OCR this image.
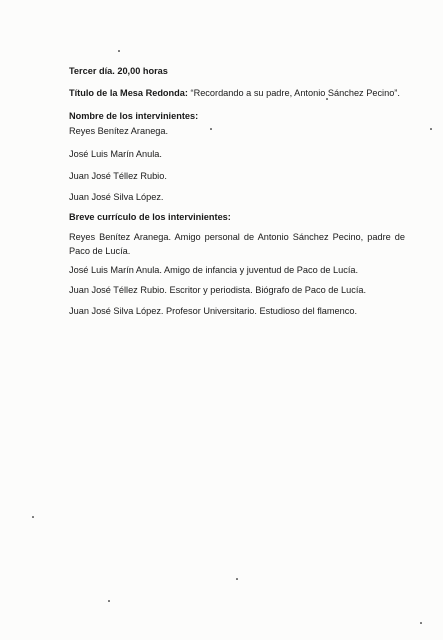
Tercer día. 20,00 horas

Título de la Mesa Redonda: “Recordando a su padre, Antonio Sánchez Pecino”.

Nombre de los intervinientes:

Reyes Benítez Aranega.

José Luis Marín Anula.

Juan José Téllez Rubio.

Juan José Silva López.

Breve currículo de los intervinientes:

Reyes Benítez Aranega. Amigo personal de Antonio Sánchez Pecino, padre de Paco de Lucía.

José Luis Marín Anula. Amigo de infancia y juventud de Paco de Lucía.

Juan José Téllez Rubio. Escritor y periodista. Biógrafo de Paco de Lucía.

Juan José Silva López. Profesor Universitario. Estudioso del flamenco.
